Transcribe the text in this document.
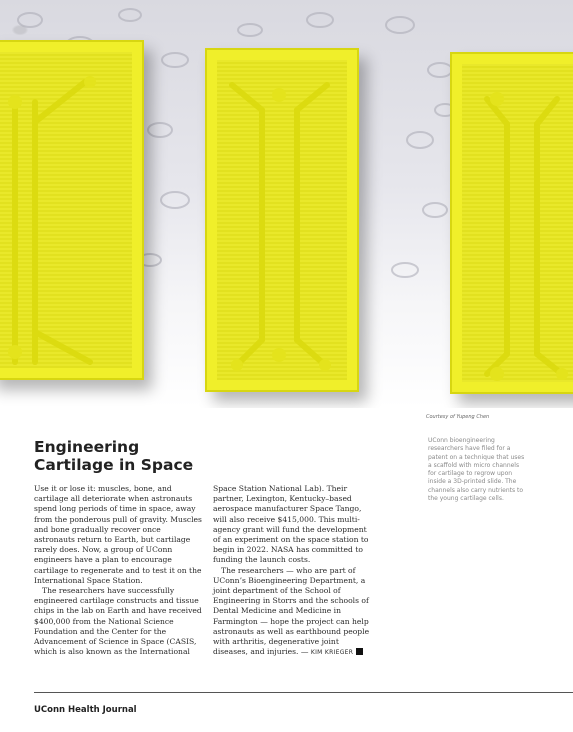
Courtesy of Yupeng Chen
Engineering
Cartilage in Space

Use it or lose it: muscles, bone, and cartilage all deteriorate when astronauts spend long periods of time in space, away from the ponderous pull of gravity. Muscles and bone gradually recover once astronauts return to Earth, but cartilage rarely does. Now, a group of UConn engineers have a plan to encourage cartilage to regenerate and to test it on the International Space Station.

The researchers have successfully engineered cartilage constructs and tissue chips in the lab on Earth and have received $400,000 from the National Science Foundation and the Center for the Advancement of Science in Space (CASIS, which is also known as the International

Space Station National Lab). Their partner, Lexington, Kentucky–based aerospace manufacturer Space Tango, will also receive $415,000. This multi-agency grant will fund the development of an experiment on the space station to begin in 2022. NASA has committed to funding the launch costs.

The researchers — who are part of UConn’s Bioengineering Department, a joint department of the School of Engineering in Storrs and the schools of Dental Medicine and Medicine in Farmington — hope the project can help astronauts as well as earthbound people with arthritis, degenerative joint diseases, and injuries. — KIM KRIEGER

UConn bioengineering researchers have filed for a patent on a technique that uses a scaffold with micro channels for cartilage to regrow upon inside a 3D-printed slide. The channels also carry nutrients to the young cartilage cells.
UConn Health Journal
